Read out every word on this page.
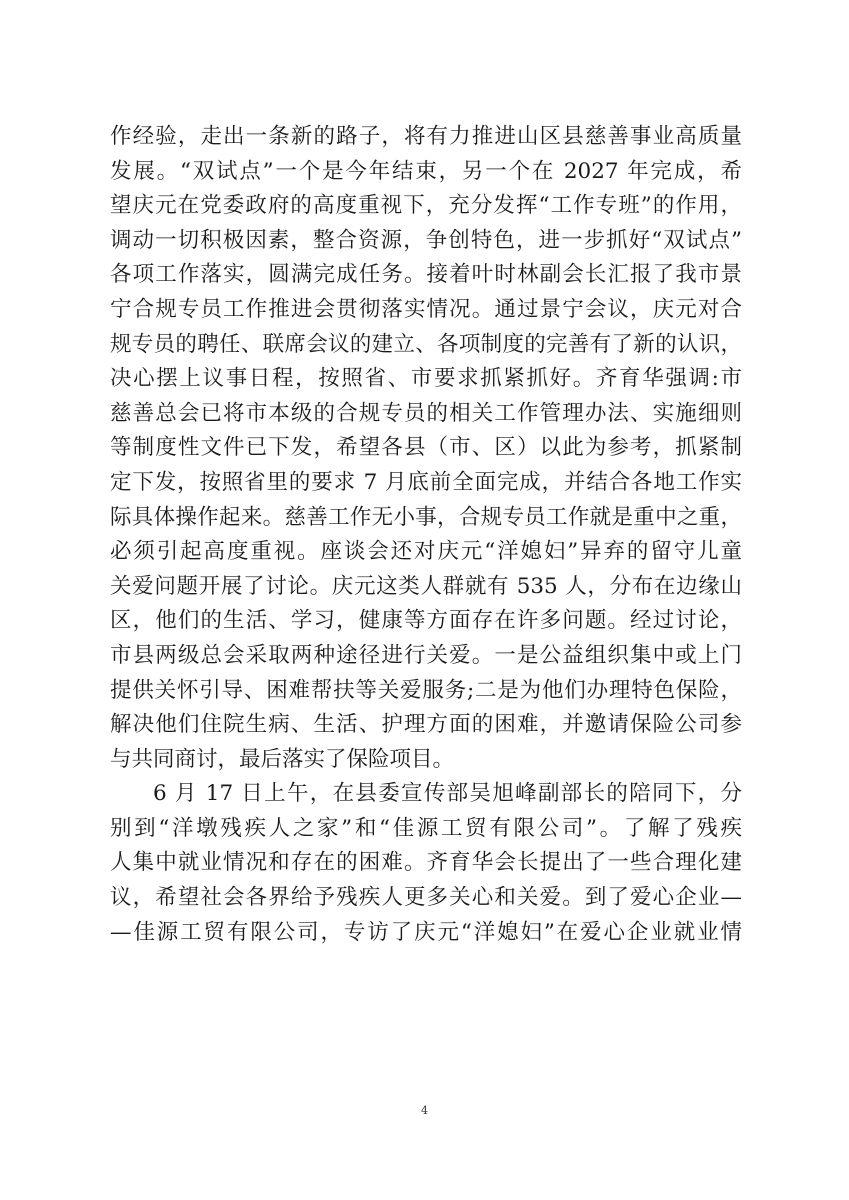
作经验，走出一条新的路子，将有力推进山区县慈善事业高质量
发展。“双试点”一个是今年结束，另一个在 2027 年完成，希
望庆元在党委政府的高度重视下，充分发挥“工作专班”的作用，
调动一切积极因素，整合资源，争创特色，进一步抓好“双试点”
各项工作落实，圆满完成任务。接着叶时林副会长汇报了我市景
宁合规专员工作推进会贯彻落实情况。通过景宁会议，庆元对合
规专员的聘任、联席会议的建立、各项制度的完善有了新的认识，
决心摆上议事日程，按照省、市要求抓紧抓好。齐育华强调:市
慈善总会已将市本级的合规专员的相关工作管理办法、实施细则
等制度性文件已下发，希望各县（市、区）以此为参考，抓紧制
定下发，按照省里的要求 7 月底前全面完成，并结合各地工作实
际具体操作起来。慈善工作无小事，合规专员工作就是重中之重，
必须引起高度重视。座谈会还对庆元“洋媳妇”异弃的留守儿童
关爱问题开展了讨论。庆元这类人群就有 535 人，分布在边缘山
区，他们的生活、学习，健康等方面存在许多问题。经过讨论，
市县两级总会采取两种途径进行关爱。一是公益组织集中或上门
提供关怀引导、困难帮扶等关爱服务;二是为他们办理特色保险，
解决他们住院生病、生活、护理方面的困难，并邀请保险公司参
与共同商讨，最后落实了保险项目。
6 月 17 日上午，在县委宣传部吴旭峰副部长的陪同下，分
别到“洋墩残疾人之家”和“佳源工贸有限公司”。了解了残疾
人集中就业情况和存在的困难。齐育华会长提出了一些合理化建
议，希望社会各界给予残疾人更多关心和关爱。到了爱心企业—
—佳源工贸有限公司，专访了庆元“洋媳妇”在爱心企业就业情
4
